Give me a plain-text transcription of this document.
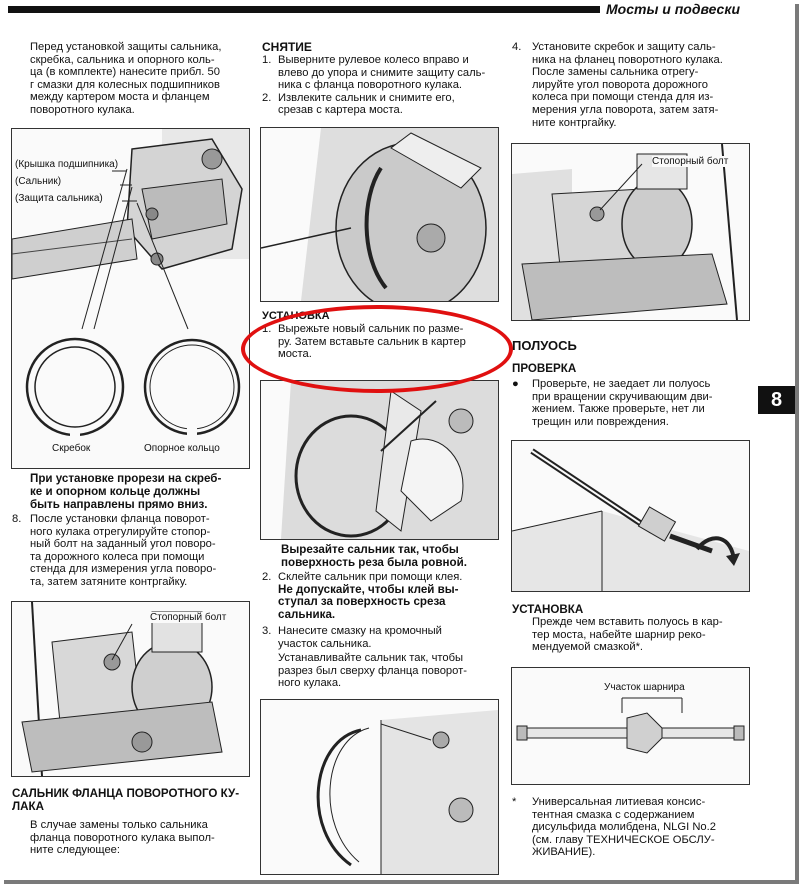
Мосты и подвески
Перед установкой защиты сальника,
скребка, сальника и опорного коль-
ца (в комплекте) нанесите прибл. 50
г смазки для колесных подшипников
между картером моста и фланцем
поворотного кулака.
(Крышка подшипника)
(Сальник)
(Защита сальника)
Скребок	Опорное кольцо
При установке прорези на скреб-
ке и опорном кольце должны
быть направлены прямо вниз.
8. После установки фланца поворот-
ного кулака отрегулируйте стопор-
ный болт на заданный угол поворо-
та дорожного колеса при помощи
стенда для измерения угла поворо-
та, затем затяните контргайку.
Стопорный болт
САЛЬНИК ФЛАНЦА ПОВОРОТНОГО КУ-
ЛАКА
В случае замены только сальника
фланца поворотного кулака выпол-
ните следующее:
СНЯТИЕ
1. Выверните рулевое колесо вправо и
влево до упора и снимите защиту саль-
ника с фланца поворотного кулака.
2. Извлеките сальник и снимите его,
срезав с картера моста.
УСТАНОВКА
1. Вырежьте новый сальник по разме-
ру. Затем вставьте сальник в картер
моста.
Вырезайте сальник так, чтобы
поверхность реза была ровной.
2. Склейте сальник при помощи клея.
Не допускайте, чтобы клей вы-
ступал за поверхность среза
сальника.
3. Нанесите смазку на кромочный
участок сальника.
Устанавливайте сальник так, чтобы
разрез был сверху фланца поворот-
ного кулака.
4. Установите скребок и защиту саль-
ника на фланец поворотного кулака.
После замены сальника отрегу-
лируйте угол поворота дорожного
колеса при помощи стенда для из-
мерения угла поворота, затем затя-
ните контргайку.
Стопорный болт
ПОЛУОСЬ
ПРОВЕРКА
●	Проверьте, не заедает ли полуось
при вращении скручивающим дви-
жением. Также проверьте, нет ли
трещин или повреждения.
8
УСТАНОВКА
Прежде чем вставить полуось в кар-
тер моста, набейте шарнир реко-
мендуемой смазкой*.
Участок шарнира
*	Универсальная литиевая консис-
тентная смазка с содержанием
дисульфида молибдена, NLGI No.2
(см. главу ТЕХНИЧЕСКОЕ ОБСЛУ-
ЖИВАНИЕ).
